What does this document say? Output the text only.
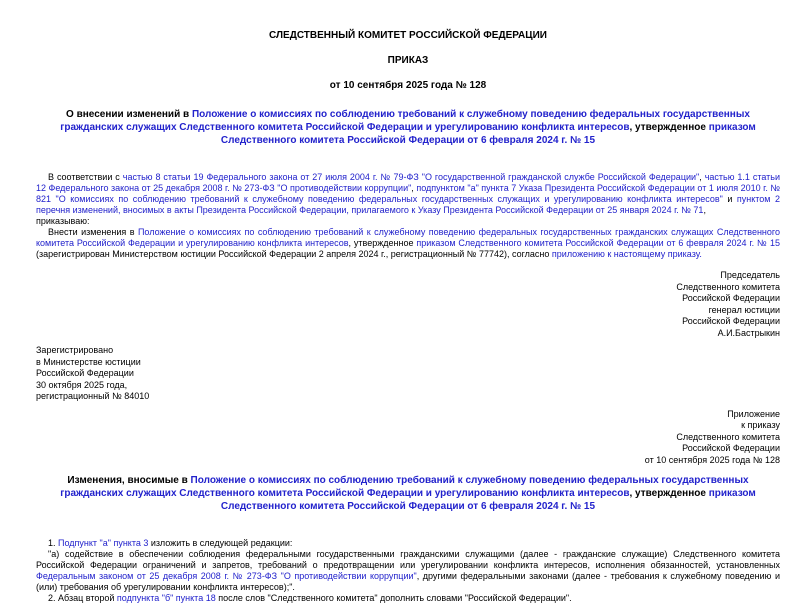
СЛЕДСТВЕННЫЙ КОМИТЕТ РОССИЙСКОЙ ФЕДЕРАЦИИ
ПРИКАЗ
от 10 сентября 2025 года № 128
О внесении изменений в Положение о комиссиях по соблюдению требований к служебному поведению федеральных государственных гражданских служащих Следственного комитета Российской Федерации и урегулированию конфликта интересов, утвержденное приказом Следственного комитета Российской Федерации от 6 февраля 2024 г. № 15
В соответствии с частью 8 статьи 19 Федерального закона от 27 июля 2004 г. № 79-ФЗ "О государственной гражданской службе Российской Федерации", частью 1.1 статьи 12 Федерального закона от 25 декабря 2008 г. № 273-ФЗ "О противодействии коррупции", подпунктом "а" пункта 7 Указа Президента Российской Федерации от 1 июля 2010 г. № 821 "О комиссиях по соблюдению требований к служебному поведению федеральных государственных служащих и урегулированию конфликта интересов" и пунктом 2 перечня изменений, вносимых в акты Президента Российской Федерации, прилагаемого к Указу Президента Российской Федерации от 25 января 2024 г. № 71,
приказываю:
Внести изменения в Положение о комиссиях по соблюдению требований к служебному поведению федеральных государственных гражданских служащих Следственного комитета Российской Федерации и урегулированию конфликта интересов, утвержденное приказом Следственного комитета Российской Федерации от 6 февраля 2024 г. № 15 (зарегистрирован Министерством юстиции Российской Федерации 2 апреля 2024 г., регистрационный № 77742), согласно приложению к настоящему приказу.
Председатель
Следственного комитета
Российской Федерации
генерал юстиции
Российской Федерации
А.И.Бастрыкин
Зарегистрировано
в Министерстве юстиции
Российской Федерации
30 октября 2025 года,
регистрационный № 84010
Приложение
к приказу
Следственного комитета
Российской Федерации
от 10 сентября 2025 года № 128
Изменения, вносимые в Положение о комиссиях по соблюдению требований к служебному поведению федеральных государственных гражданских служащих Следственного комитета Российской Федерации и урегулированию конфликта интересов, утвержденное приказом Следственного комитета Российской Федерации от 6 февраля 2024 г. № 15
1. Подпункт "а" пункта 3 изложить в следующей редакции:
"а) содействие в обеспечении соблюдения федеральными государственными гражданскими служащими (далее - гражданские служащие) Следственного комитета Российской Федерации ограничений и запретов, требований о предотвращении или урегулировании конфликта интересов, исполнения обязанностей, установленных Федеральным законом от 25 декабря 2008 г. № 273-ФЗ "О противодействии коррупции", другими федеральными законами (далее - требования к служебному поведению и (или) требования об урегулировании конфликта интересов);".
2. Абзац второй подпункта "б" пункта 18 после слов "Следственного комитета" дополнить словами "Российской Федерации".
